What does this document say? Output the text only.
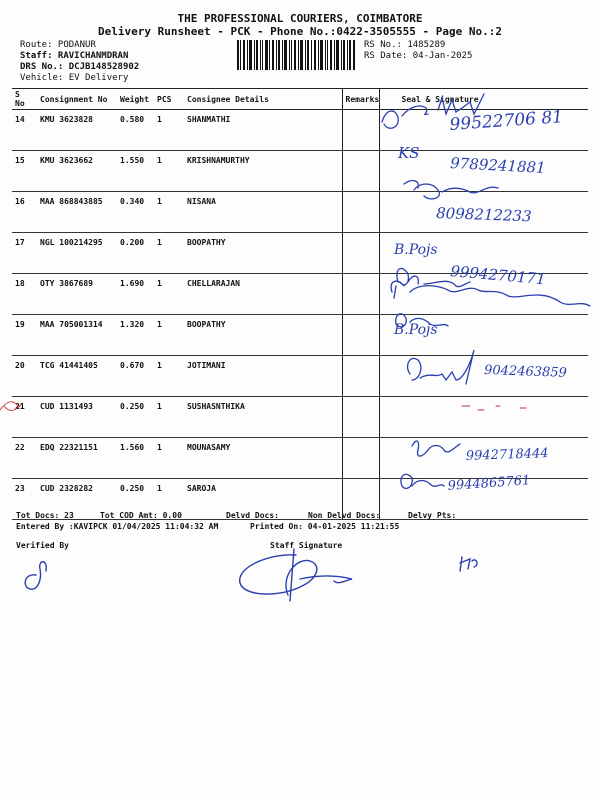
THE PROFESSIONAL COURIERS, COIMBATORE
Delivery Runsheet - PCK - Phone No.:0422-3505555 - Page No.:2
Route: PODANUR
Staff: RAVICHANMDRAN
DRS No.: DCJB148528902
Vehicle: EV Delivery
RS No.: 1485289
RS Date: 04-Jan-2025
S No	Consignment No	Weight	PCS	Consignee Details	Remarks	Seal & Signature
14	KMU 3623828	0.580	1	SHANMATHI		
15	KMU 3623662	1.550	1	KRISHNAMURTHY		
16	MAA 868843885	0.340	1	NISANA		
17	NGL 100214295	0.200	1	BOOPATHY		
18	OTY 3867689	1.690	1	CHELLARAJAN		
19	MAA 705001314	1.320	1	BOOPATHY		
20	TCG 41441405	0.670	1	JOTIMANI		
21	CUD 1131493	0.250	1	SUSHASNTHIKA		
22	EDQ 22321151	1.560	1	MOUNASAMY		
23	CUD 2328282	0.250	1	SAROJA		
99522706 81
KS
9789241881
8098212233
B.Pojs
9994270171
B.Pojs
9042463859
9942718444
9944865761
Tot Docs: 23	Tot COD Amt: 0.00	Delvd Docs:	Non Delvd Docs:	Delvy Pts:
Entered By :KAVIPCK 01/04/2025 11:04:32 AM	Printed On: 04-01-2025 11:21:55
Verified By	Staff Signature
